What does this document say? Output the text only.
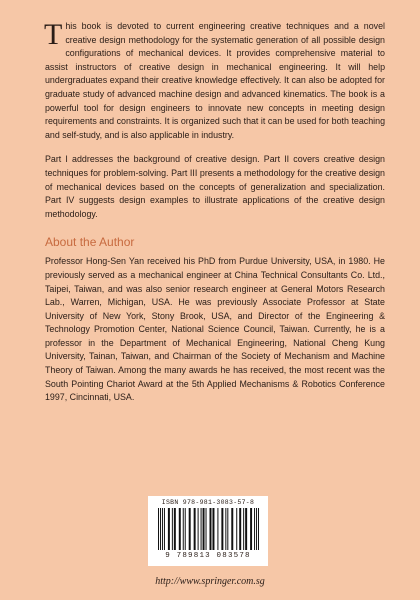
This book is devoted to current engineering creative techniques and a novel creative design methodology for the systematic generation of all possible design configurations of mechanical devices. It provides comprehensive material to assist instructors of creative design in mechanical engineering. It will help undergraduates expand their creative knowledge effectively. It can also be adopted for graduate study of advanced machine design and advanced kinematics. The book is a powerful tool for design engineers to innovate new concepts in meeting design requirements and constraints. It is organized such that it can be used for both teaching and self-study, and is also applicable in industry.

Part I addresses the background of creative design. Part II covers creative design techniques for problem-solving. Part III presents a methodology for the creative design of mechanical devices based on the concepts of generalization and specialization. Part IV suggests design examples to illustrate applications of the creative design methodology.

About the Author

Professor Hong-Sen Yan received his PhD from Purdue University, USA, in 1980. He previously served as a mechanical engineer at China Technical Consultants Co. Ltd., Taipei, Taiwan, and was also senior research engineer at General Motors Research Lab., Warren, Michigan, USA. He was previously Associate Professor at State University of New York, Stony Brook, USA, and Director of the Engineering & Technology Promotion Center, National Science Council, Taiwan. Currently, he is a professor in the Department of Mechanical Engineering, National Cheng Kung University, Tainan, Taiwan, and Chairman of the Society of Mechanism and Machine Theory of Taiwan. Among the many awards he has received, the most recent was the South Pointing Chariot Award at the 5th Applied Mechanisms & Robotics Conference 1997, Cincinnati, USA.

ISBN 978-981-3083-57-8
9 789813 083578
http://www.springer.com.sg
